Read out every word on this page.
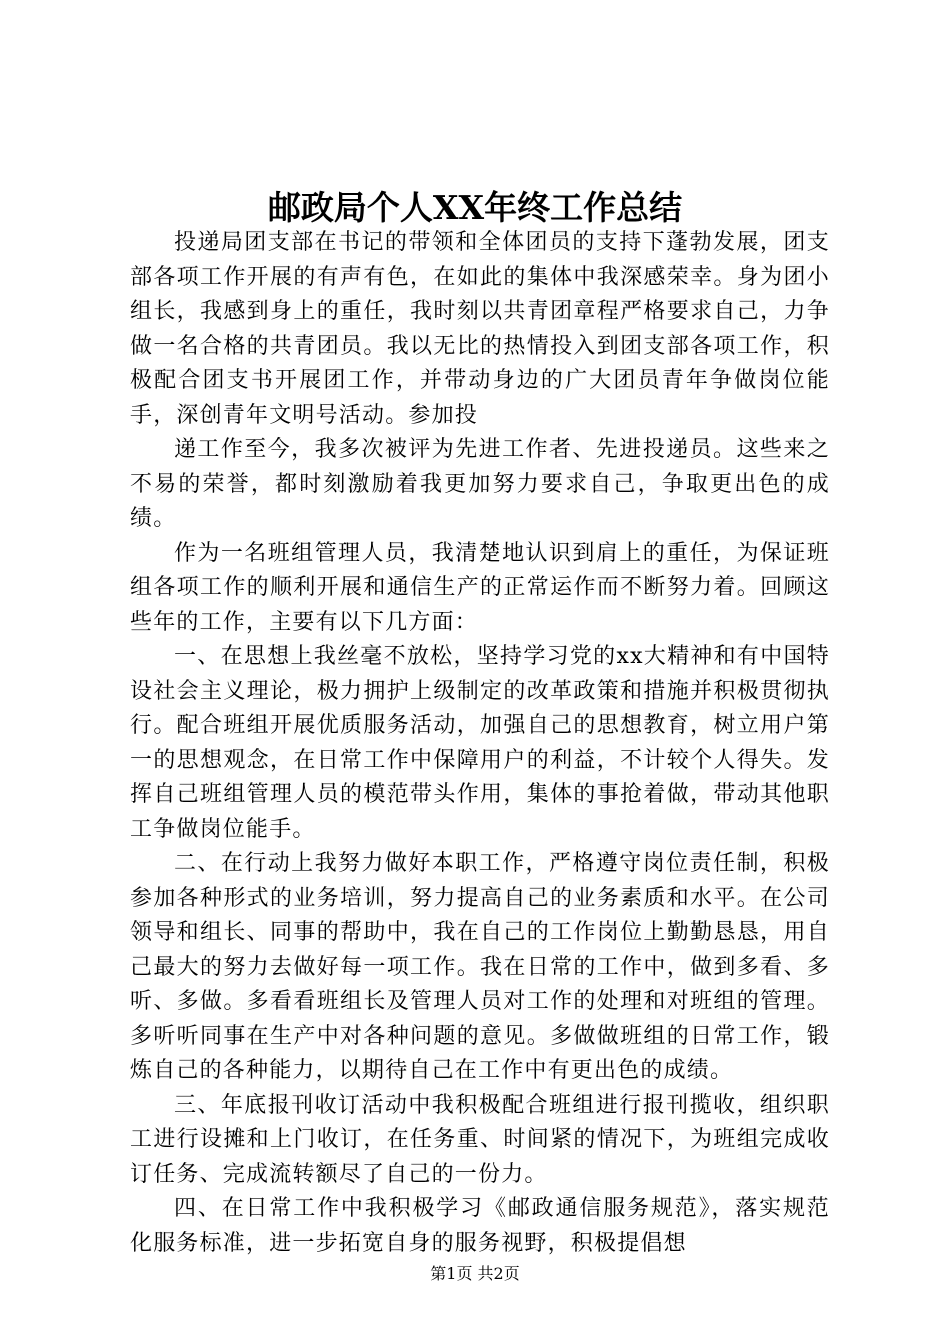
邮政局个人XX年终工作总结

投递局团支部在书记的带领和全体团员的支持下蓬勃发展，团支部各项工作开展的有声有色，在如此的集体中我深感荣幸。身为团小组长，我感到身上的重任，我时刻以共青团章程严格要求自己，力争做一名合格的共青团员。我以无比的热情投入到团支部各项工作，积极配合团支书开展团工作，并带动身边的广大团员青年争做岗位能手，深创青年文明号活动。参加投

递工作至今，我多次被评为先进工作者、先进投递员。这些来之不易的荣誉，都时刻激励着我更加努力要求自己，争取更出色的成绩。

作为一名班组管理人员，我清楚地认识到肩上的重任，为保证班组各项工作的顺利开展和通信生产的正常运作而不断努力着。回顾这些年的工作，主要有以下几方面：

一、在思想上我丝毫不放松，坚持学习党的xx大精神和有中国特设社会主义理论，极力拥护上级制定的改革政策和措施并积极贯彻执行。配合班组开展优质服务活动，加强自己的思想教育，树立用户第一的思想观念，在日常工作中保障用户的利益，不计较个人得失。发挥自己班组管理人员的模范带头作用，集体的事抢着做，带动其他职工争做岗位能手。

二、在行动上我努力做好本职工作，严格遵守岗位责任制，积极参加各种形式的业务培训，努力提高自己的业务素质和水平。在公司领导和组长、同事的帮助中，我在自己的工作岗位上勤勤恳恳，用自己最大的努力去做好每一项工作。我在日常的工作中，做到多看、多听、多做。多看看班组长及管理人员对工作的处理和对班组的管理。多听听同事在生产中对各种问题的意见。多做做班组的日常工作，锻炼自己的各种能力，以期待自己在工作中有更出色的成绩。

三、年底报刊收订活动中我积极配合班组进行报刊揽收，组织职工进行设摊和上门收订，在任务重、时间紧的情况下，为班组完成收订任务、完成流转额尽了自己的一份力。

四、在日常工作中我积极学习《邮政通信服务规范》，落实规范化服务标准，进一步拓宽自身的服务视野，积极提倡想

第1页 共2页
